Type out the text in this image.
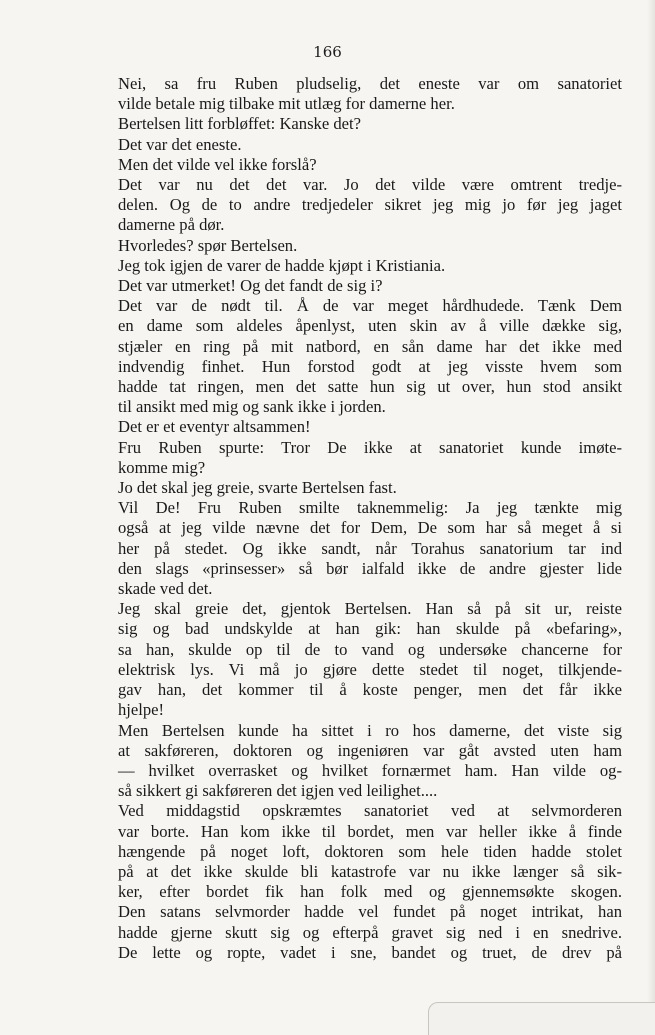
166
Nei, sa fru Ruben pludselig, det eneste var om sanatoriet
vilde betale mig tilbake mit utlæg for damerne her.
Bertelsen litt forbløffet: Kanske det?
Det var det eneste.
Men det vilde vel ikke forslå?
Det var nu det det var. Jo det vilde være omtrent tredje-
delen. Og de to andre tredjedeler sikret jeg mig jo før jeg jaget
damerne på dør.
Hvorledes? spør Bertelsen.
Jeg tok igjen de varer de hadde kjøpt i Kristiania.
Det var utmerket! Og det fandt de sig i?
Det var de nødt til. Å de var meget hårdhudede. Tænk Dem
en dame som aldeles åpenlyst, uten skin av å ville dække sig,
stjæler en ring på mit natbord, en sån dame har det ikke med
indvendig finhet. Hun forstod godt at jeg visste hvem som
hadde tat ringen, men det satte hun sig ut over, hun stod ansikt
til ansikt med mig og sank ikke i jorden.
Det er et eventyr altsammen!
Fru Ruben spurte: Tror De ikke at sanatoriet kunde imøte-
komme mig?
Jo det skal jeg greie, svarte Bertelsen fast.
Vil De! Fru Ruben smilte taknemmelig: Ja jeg tænkte mig
også at jeg vilde nævne det for Dem, De som har så meget å si
her på stedet. Og ikke sandt, når Torahus sanatorium tar ind
den slags «prinsesser» så bør ialfald ikke de andre gjester lide
skade ved det.
Jeg skal greie det, gjentok Bertelsen. Han så på sit ur, reiste
sig og bad undskylde at han gik: han skulde på «befaring»,
sa han, skulde op til de to vand og undersøke chancerne for
elektrisk lys. Vi må jo gjøre dette stedet til noget, tilkjende-
gav han, det kommer til å koste penger, men det får ikke
hjelpe!
Men Bertelsen kunde ha sittet i ro hos damerne, det viste sig
at sakføreren, doktoren og ingeniøren var gåt avsted uten ham
— hvilket overrasket og hvilket fornærmet ham. Han vilde og-
så sikkert gi sakføreren det igjen ved leilighet....
Ved middagstid opskræmtes sanatoriet ved at selvmorderen
var borte. Han kom ikke til bordet, men var heller ikke å finde
hængende på noget loft, doktoren som hele tiden hadde stolet
på at det ikke skulde bli katastrofe var nu ikke længer så sik-
ker, efter bordet fik han folk med og gjennemsøkte skogen.
Den satans selvmorder hadde vel fundet på noget intrikat, han
hadde gjerne skutt sig og efterpå gravet sig ned i en snedrive.
De lette og ropte, vadet i sne, bandet og truet, de drev på
